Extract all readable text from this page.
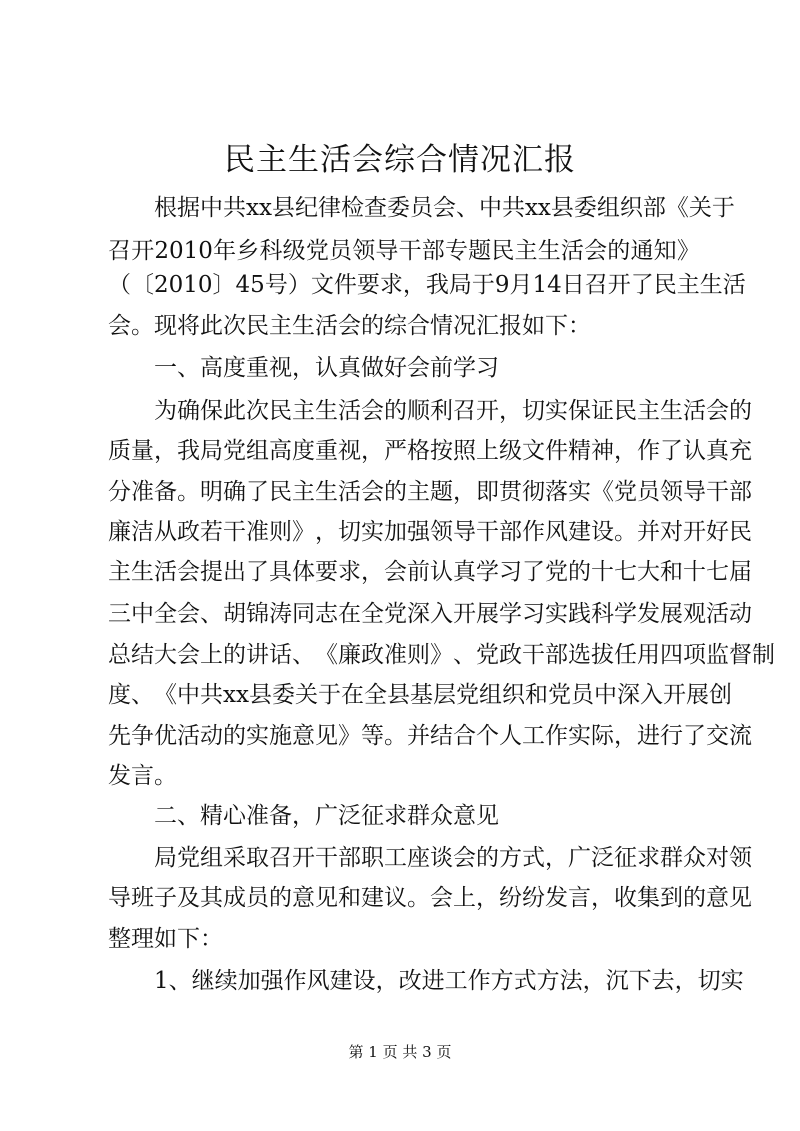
民主生活会综合情况汇报

根 据 中 共 xx 县 纪 律 检 查 委 员 会 、 中 共 xx 县 委 组 织 部 《 关 于
召 开 2010 年 乡 科 级 党 员 领 导 干 部 专 题 民 主 生 活 会 的 通 知 》
（ 〔 2010 〕 45 号 ） 文 件 要 求 ， 我 局 于 9 月 14 日 召 开 了 民 主 生 活
会。现将此次民主生活会的综合情况汇报如下：
　　一、高度重视，认真做好会前学习

为 确 保 此 次 民 主 生 活 会 的 顺 利 召 开 ， 切 实 保 证 民 主 生 活 会 的
质 量 ， 我 局 党 组 高 度 重 视 ， 严 格 按 照 上 级 文 件 精 神 ， 作 了 认 真 充
分 准 备 。 明 确 了 民 主 生 活 会 的 主 题 ， 即 贯 彻 落 实 《 党 员 领 导 干 部
廉 洁 从 政 若 干 准 则 》 ， 切 实 加 强 领 导 干 部 作 风 建 设 。 并 对 开 好 民
主 生 活 会 提 出 了 具 体 要 求 ， 会 前 认 真 学 习 了 党 的 十 七 大 和 十 七 届
三 中 全 会 、 胡 锦 涛 同 志 在 全 党 深 入 开 展 学 习 实 践 科 学 发 展 观 活 动
总 结 大 会 上 的 讲 话 、 《 廉 政 准 则 》 、 党 政 干 部 选 拔 任 用 四 项 监 督 制
度 、 《 中 共 xx 县 委 关 于 在 全 县 基 层 党 组 织 和 党 员 中 深 入 开 展 创
先 争 优 活 动 的 实 施 意 见 》 等 。 并 结 合 个 人 工 作 实 际 ， 进 行 了 交 流
发言。
　　二、精心准备，广泛征求群众意见

局 党 组 采 取 召 开 干 部 职 工 座 谈 会 的 方 式 ， 广 泛 征 求 群 众 对 领
导 班 子 及 其 成 员 的 意 见 和 建 议 。 会 上 ， 纷 纷 发 言 ， 收 集 到 的 意 见
整理如下：

1 、 继 续 加 强 作 风 建 设 ， 改 进 工 作 方 式 方 法 ， 沉 下 去 ， 切 实
第 1 页 共 3 页
